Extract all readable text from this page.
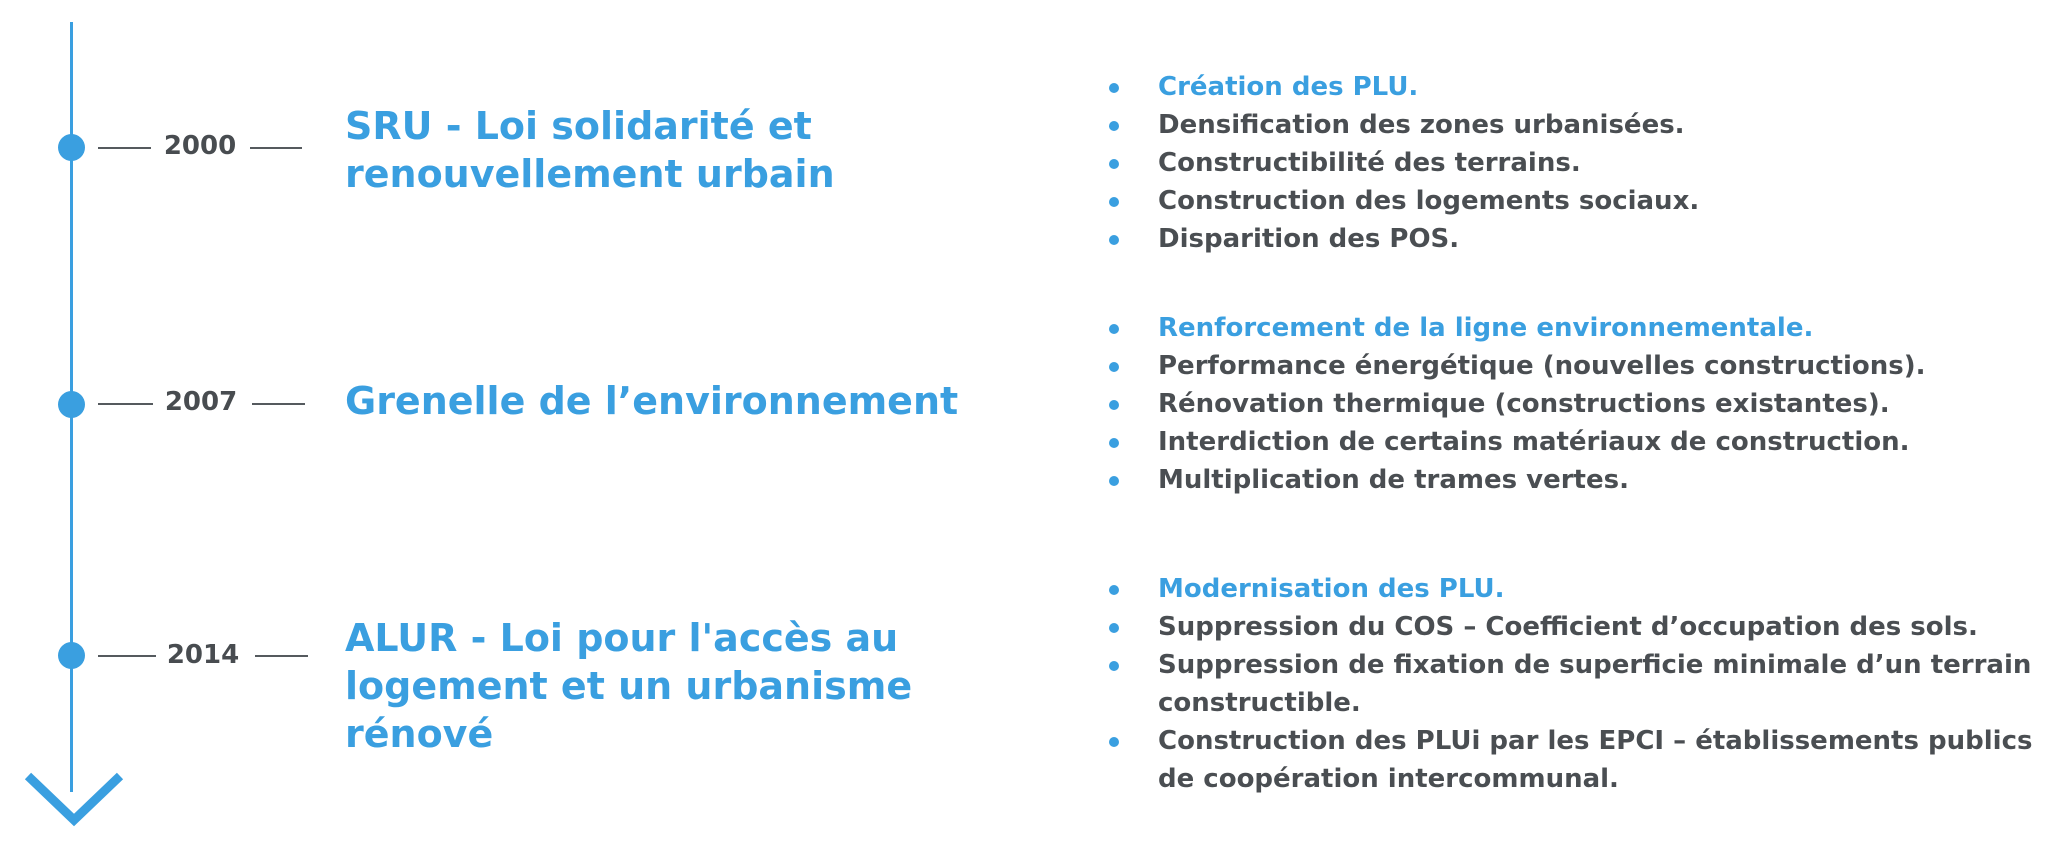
2000	SRU - Loi solidarité et renouvellement urbain
Création des PLU.
Densification des zones urbanisées.
Constructibilité des terrains.
Construction des logements sociaux.
Disparition des POS.
2007	Grenelle de l’environnement
Renforcement de la ligne environnementale.
Performance énergétique (nouvelles constructions).
Rénovation thermique (constructions existantes).
Interdiction de certains matériaux de construction.
Multiplication de trames vertes.
2014	ALUR - Loi pour l'accès au logement et un urbanisme rénové
Modernisation des PLU.
Suppression du COS – Coefficient d’occupation des sols.
Suppression de fixation de superficie minimale d’un terrain constructible.
Construction des PLUi par les EPCI – établissements publics de coopération intercommunal.
